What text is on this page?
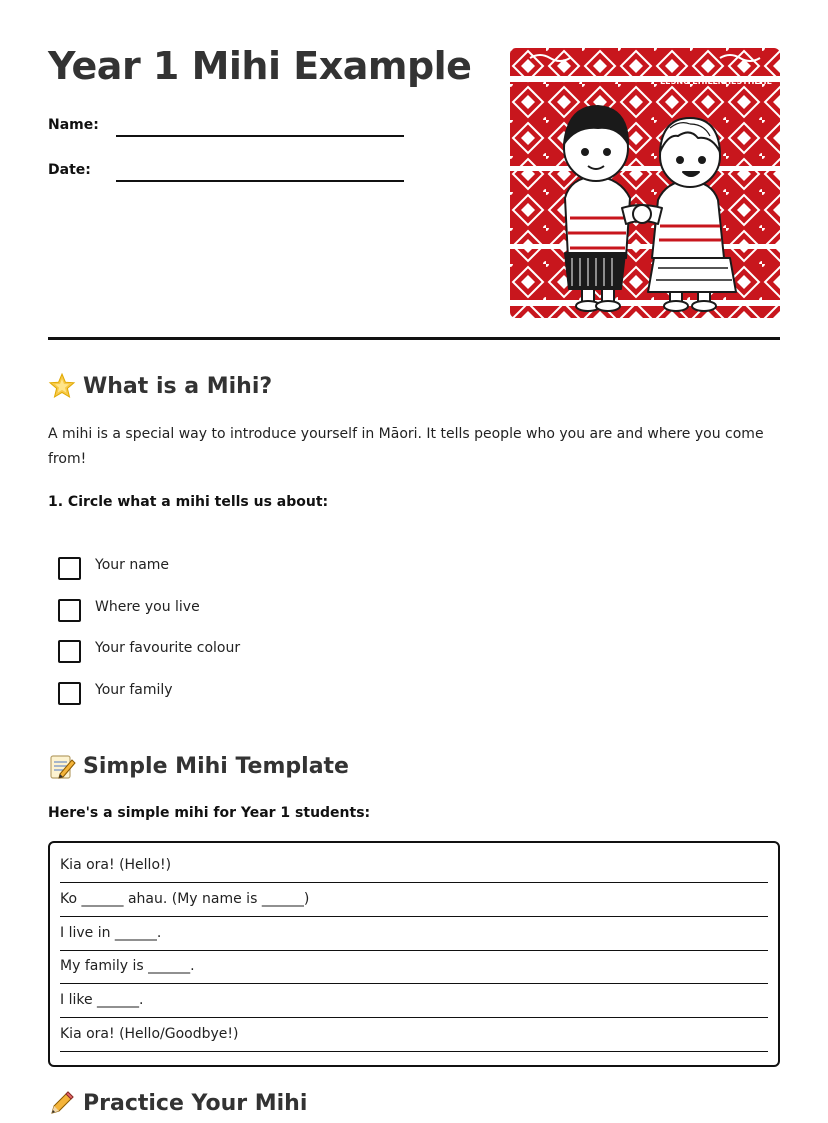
Year 1 Mihi Example
Name:
Date:
LESNU EHILLNHESTHEHE
What is a Mihi?

A mihi is a special way to introduce yourself in Māori. It tells people who you are and where you come from!

1. Circle what a mihi tells us about:

Your name
Where you live
Your favourite colour
Your family
Simple Mihi Template

Here's a simple mihi for Year 1 students:

Kia ora! (Hello!)
Ko ______ ahau. (My name is ______)
I live in ______.
My family is ______.
I like ______.
Kia ora! (Hello/Goodbye!)
Practice Your Mihi
